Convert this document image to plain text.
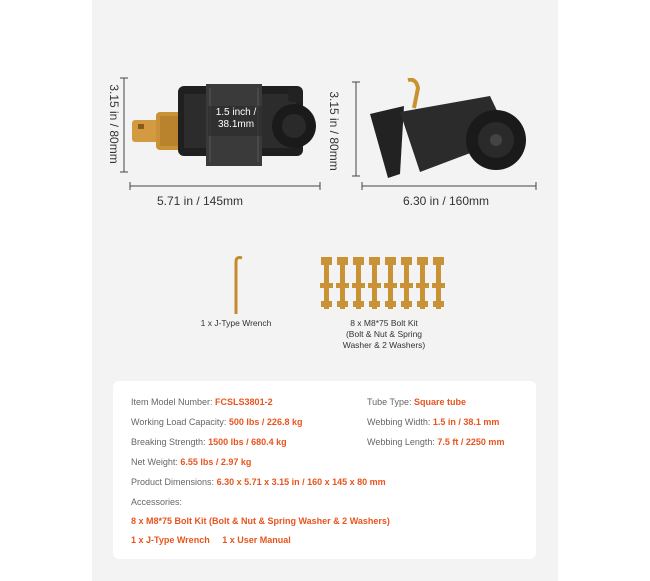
3.15 in / 80mm
5.71 in / 145mm
1.5 inch /
38.1mm	3.15 in / 80mm
6.30 in / 160mm
1 x J-Type Wrench	8 x M8*75 Bolt Kit
(Bolt & Nut & Spring
Washer & 2 Washers)
Item Model Number: FCSLS3801-2	Tube Type: Square tube
Working Load Capacity: 500 lbs / 226.8 kg	Webbing Width: 1.5 in / 38.1 mm
Breaking Strength: 1500 lbs / 680.4 kg	Webbing Length: 7.5 ft / 2250 mm
Net Weight: 6.55 lbs / 2.97 kg
Product Dimensions: 6.30 x 5.71 x 3.15 in / 160 x 145 x 80 mm
Accessories:
8 x M8*75 Bolt Kit (Bolt & Nut & Spring Washer & 2 Washers)
1 x J-Type Wrench 1 x User Manual
